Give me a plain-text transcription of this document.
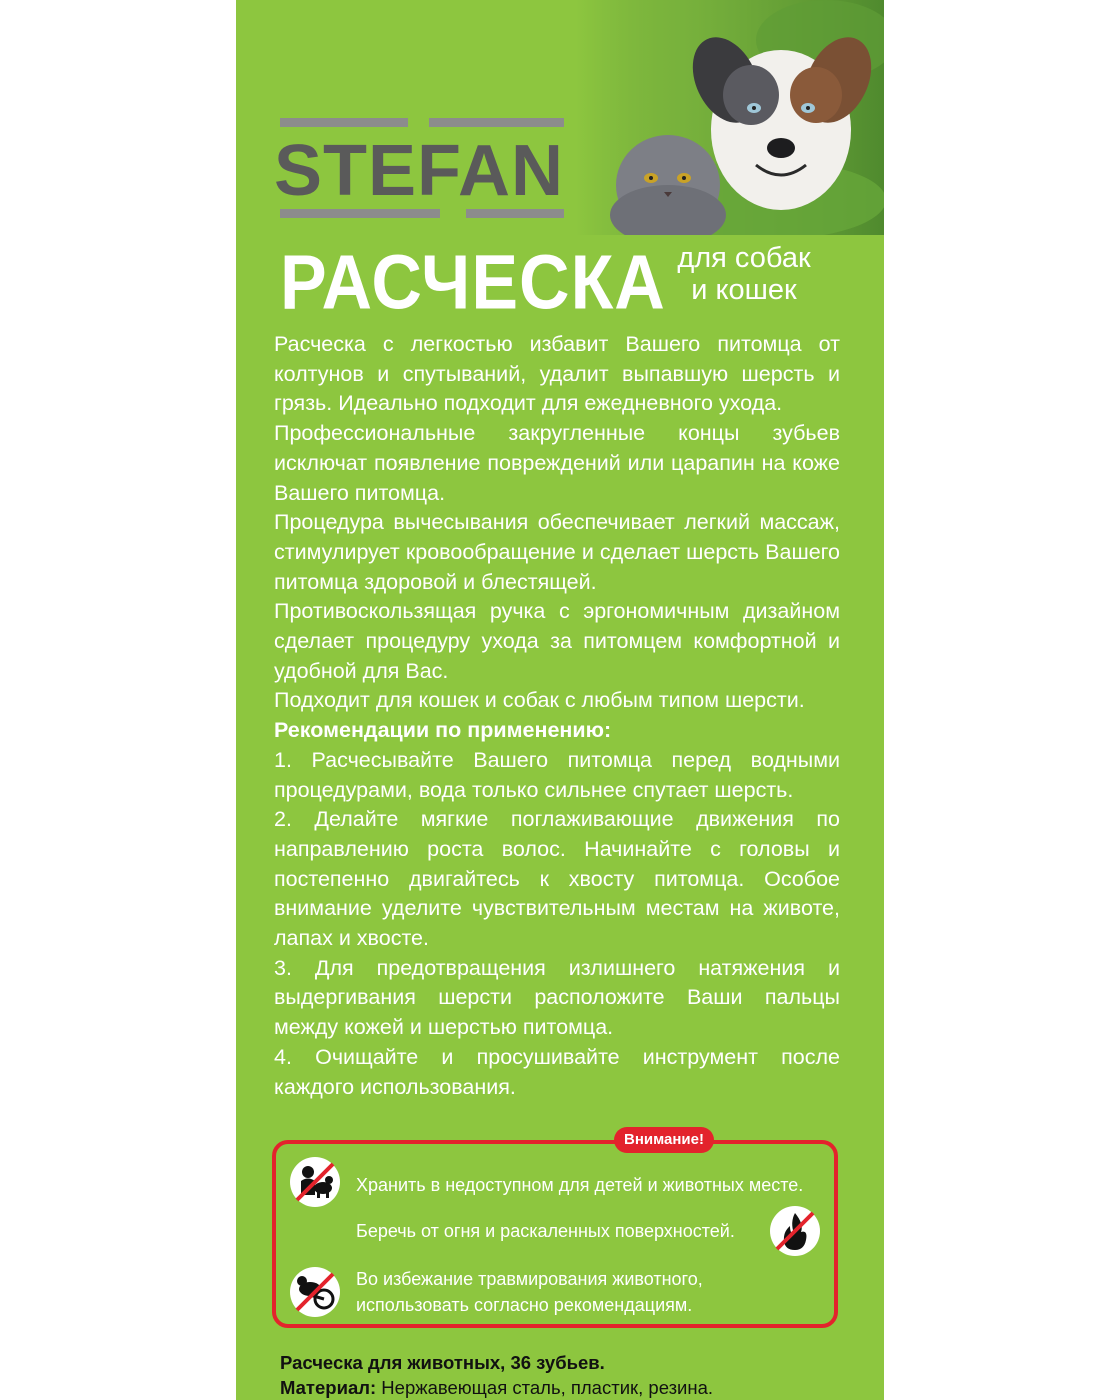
STEFAN
РАСЧЕСКА для собак
и кошек

Расческа с легкостью избавит Вашего питомца от колтунов и спутываний, удалит выпавшую шерсть и грязь. Идеально подходит для ежедневного ухода.

Профессиональные закругленные концы зубьев исключат появление повреждений или царапин на коже Вашего питомца.

Процедура вычесывания обеспечивает легкий массаж, стимулирует кровообращение и сделает шерсть Вашего питомца здоровой и блестящей.

Противоскользящая ручка с эргономичным дизайном сделает процедуру ухода за питомцем комфортной и удобной для Вас.

Подходит для кошек и собак с любым типом шерсти.

Рекомендации по применению:

1. Расчесывайте Вашего питомца перед водными процедурами, вода только сильнее спутает шерсть.

2. Делайте мягкие поглаживающие движения по направлению роста волос. Начинайте с головы и постепенно двигайтесь к хвосту питомца. Особое внимание уделите чувствительным местам на животе, лапах и хвосте.

3. Для предотвращения излишнего натяжения и выдергивания шерсти расположите Ваши пальцы между кожей и шерстью питомца.

4. Очищайте и просушивайте инструмент после каждого использования.

Внимание!
Хранить в недоступном для детей и животных месте.
Беречь от огня и раскаленных поверхностей.
Во избежание травмирования животного,
использовать согласно рекомендациям.
Расческа для животных, 36 зубьев.
Материал: Нержавеющая сталь, пластик, резина.
